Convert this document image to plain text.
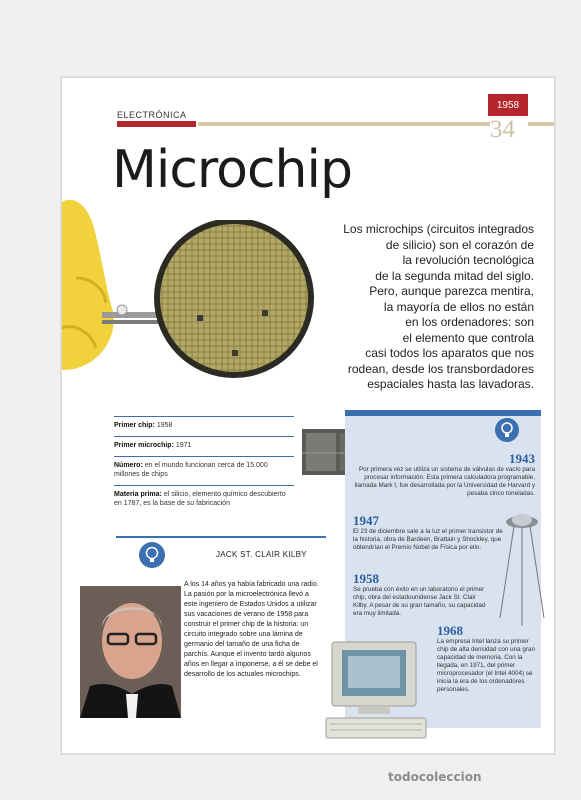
ELECTRÓNICA
1958
34
Microchip
Los microchips (circuitos integrados
de silicio) son el corazón de
la revolución tecnológica
de la segunda mitad del siglo.
Pero, aunque parezca mentira,
la mayoría de ellos no están
en los ordenadores: son
el elemento que controla
casi todos los aparatos que nos
rodean, desde los transbordadores
espaciales hasta las lavadoras.
Primer chip: 1958
Primer microchip: 1971
Número: en el mundo funcionan cerca de 15.000 millones de chips
Materia prima: el silicio, elemento químico descubierto en 1787, es la base de su fabricación
1943
Por primera vez se utiliza un sistema de válvulas de vacío para procesar información. Esta primera calculadora programable, llamada Mark I, fue desarrollada por la Universidad de Harvard y pesaba cinco toneladas.
1947
El 23 de diciembre sale a la luz el primer transistor de la historia, obra de Bardeen, Brattain y Shockley, que obtendrían el Premio Nobel de Física por ello.
1958
Se prueba con éxito en un laboratorio el primer chip, obra del estadounidense Jack St. Clair Kilby. A pesar de su gran tamaño, su capacidad era muy limitada.
1968
La empresa Intel lanza su primer chip de alta densidad con una gran capacidad de memoria. Con la llegada, en 1971, del primer microprocesador (el Intel 4004) se inicia la era de los ordenadores personales.
JACK ST. CLAIR KILBY
A los 14 años ya había fabricado una radio. La pasión por la microelectrónica llevó a este ingeniero de Estados Unidos a utilizar sus vacaciones de verano de 1958 para construir el primer chip de la historia: un circuito integrado sobre una lámina de germanio del tamaño de una ficha de parchís. Aunque el invento tardó algunos años en llegar a imponerse, a él se debe el desarrollo de los actuales microchips.
todocoleccion
